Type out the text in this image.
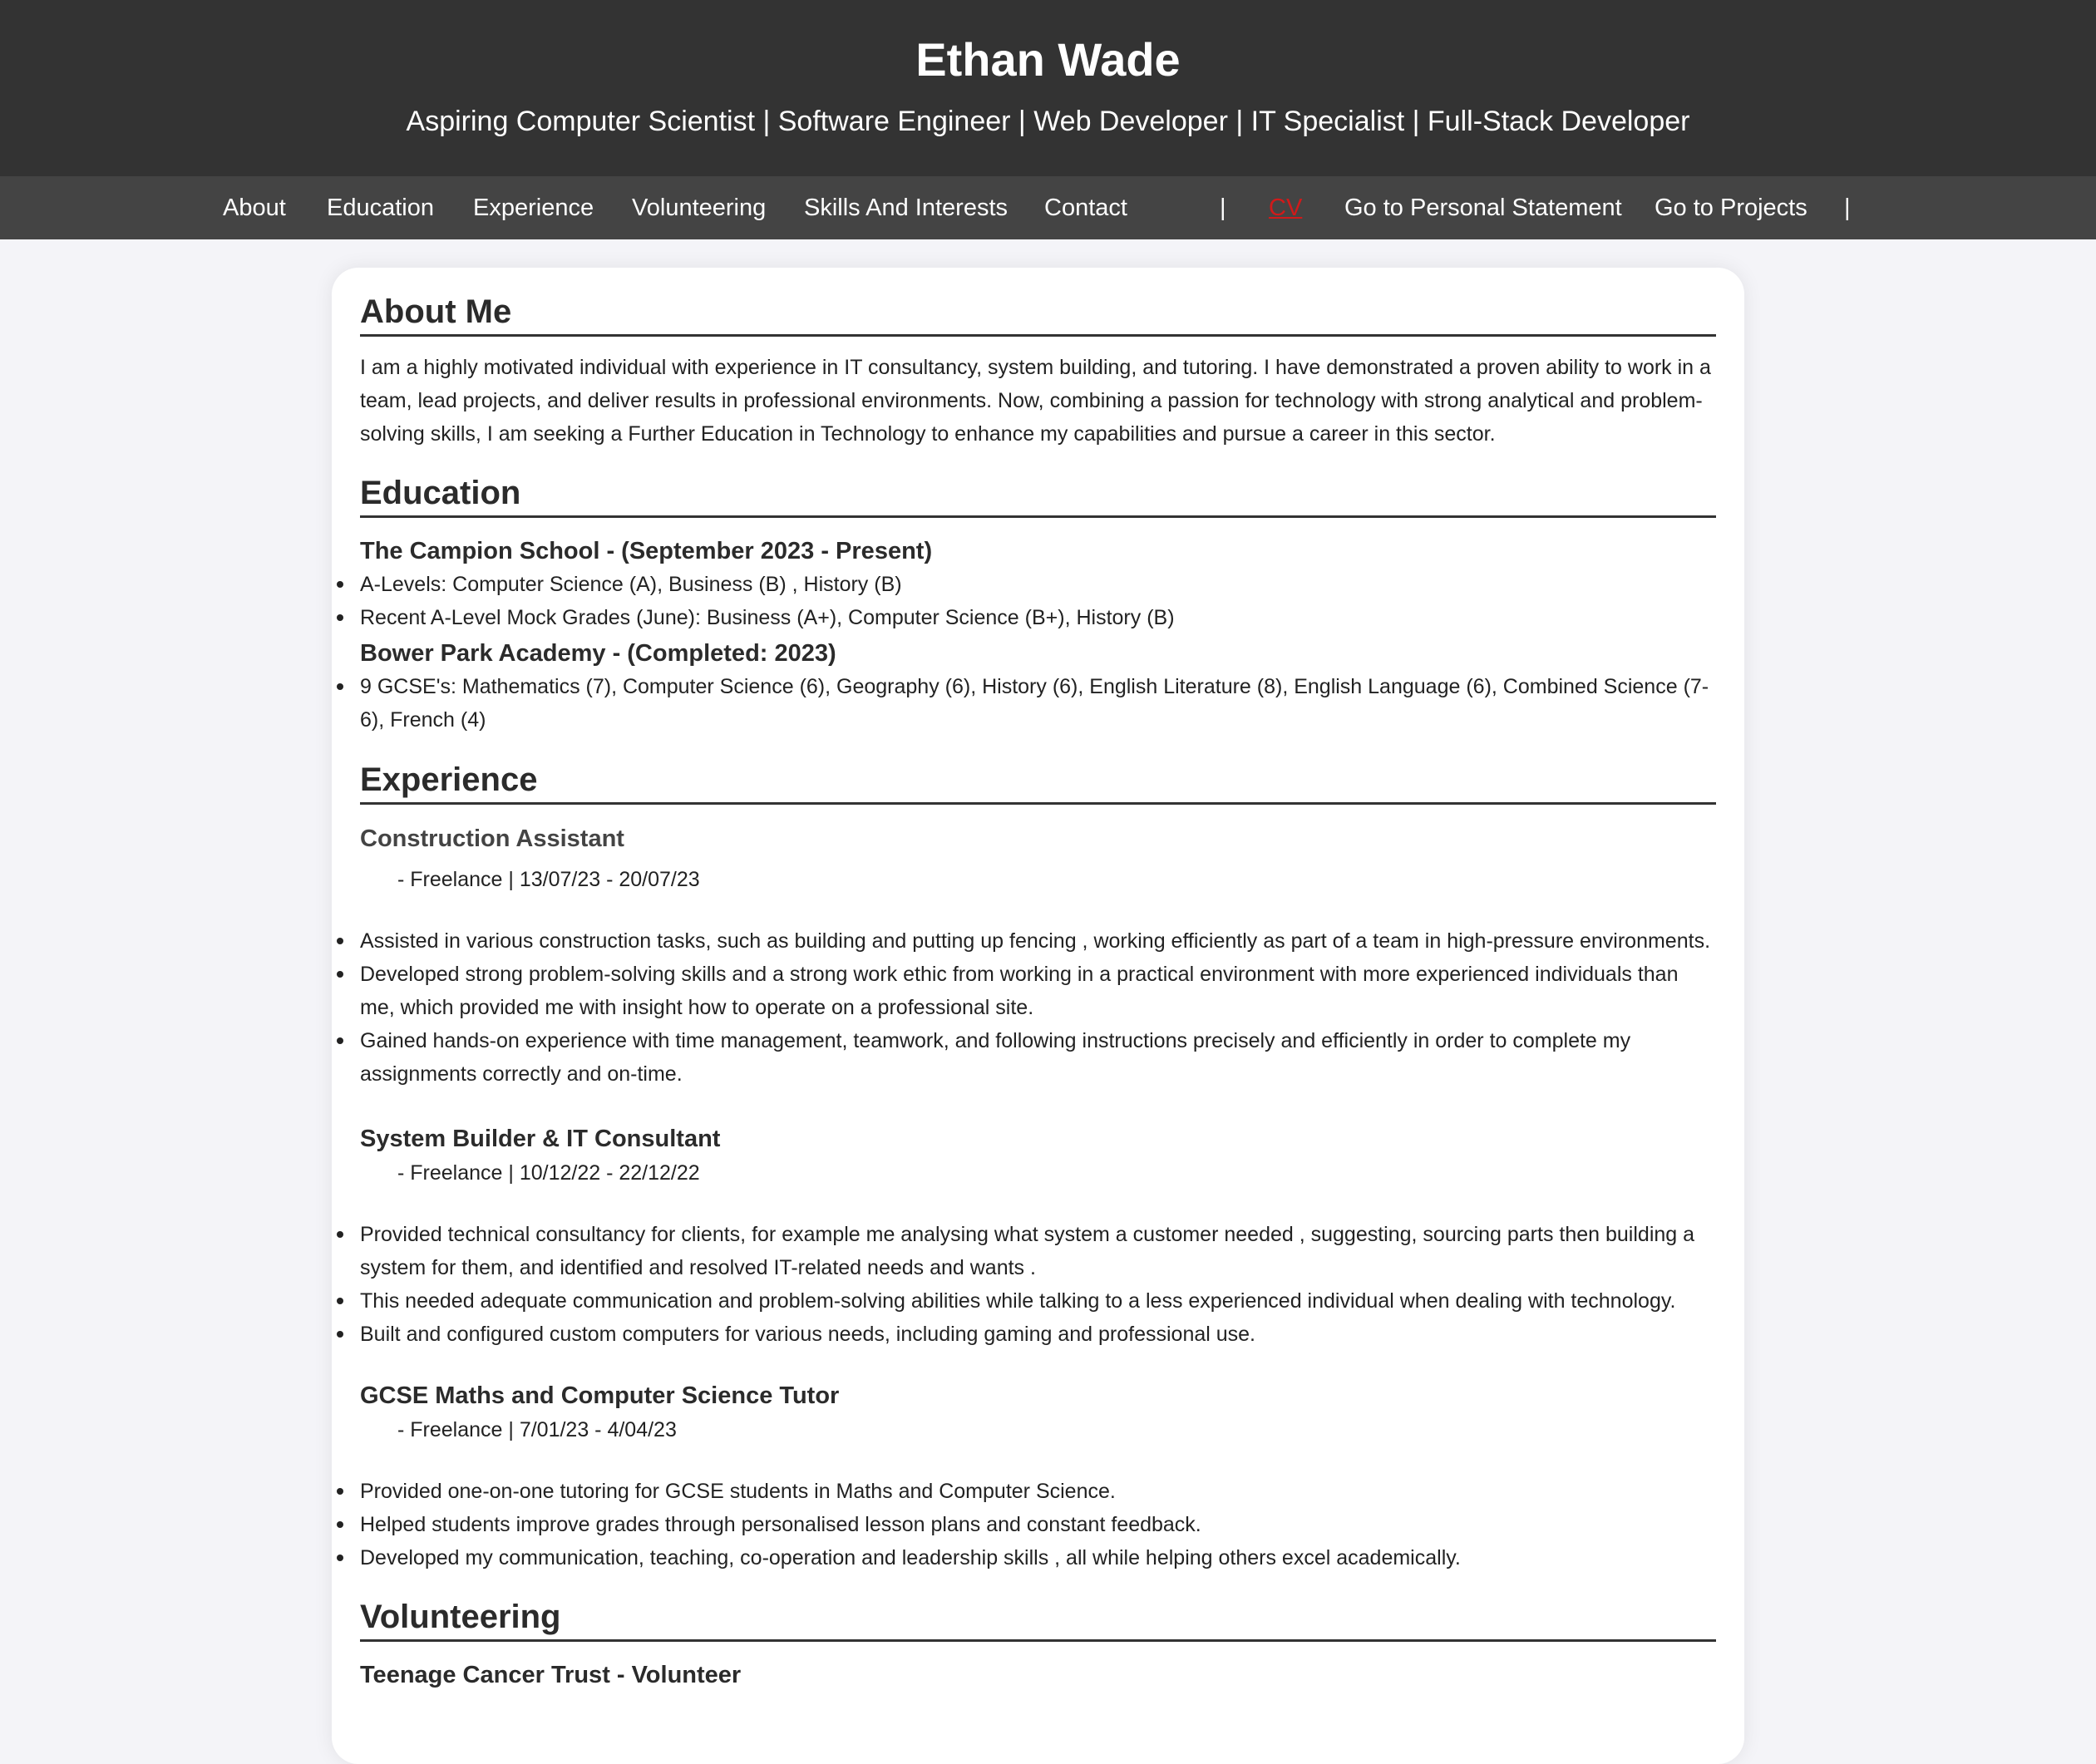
Ethan Wade
Aspiring Computer Scientist | Software Engineer | Web Developer | IT Specialist | Full-Stack Developer
About Education Experience Volunteering Skills And Interests Contact	| CV Go to Personal Statement Go to Projects |
About Me

I am a highly motivated individual with experience in IT consultancy, system building, and tutoring. I have demonstrated a proven ability to work in a team, lead projects, and deliver results in professional environments. Now, combining a passion for technology with strong analytical and problem-solving skills, I am seeking a Further Education in Technology to enhance my capabilities and pursue a career in this sector.

Education
The Campion School - (September 2023 - Present)
A-Levels: Computer Science (A), Business (B) , History (B)
Recent A-Level Mock Grades (June): Business (A+), Computer Science (B+), History (B)
Bower Park Academy - (Completed: 2023)
9 GCSE's: Mathematics (7), Computer Science (6), Geography (6), History (6), English Literature (8), English Language (6), Combined Science (7-6), French (4)
Experience
Construction Assistant

- Freelance | 13/07/23 - 20/07/23

Assisted in various construction tasks, such as building and putting up fencing , working efficiently as part of a team in high-pressure environments.
Developed strong problem-solving skills and a strong work ethic from working in a practical environment with more experienced individuals than me, which provided me with insight how to operate on a professional site.
Gained hands-on experience with time management, teamwork, and following instructions precisely and efficiently in order to complete my assignments correctly and on-time.
System Builder & IT Consultant

- Freelance | 10/12/22 - 22/12/22

Provided technical consultancy for clients, for example me analysing what system a customer needed , suggesting, sourcing parts then building a system for them, and identified and resolved IT-related needs and wants .
This needed adequate communication and problem-solving abilities while talking to a less experienced individual when dealing with technology.
Built and configured custom computers for various needs, including gaming and professional use.
GCSE Maths and Computer Science Tutor

- Freelance | 7/01/23 - 4/04/23

Provided one-on-one tutoring for GCSE students in Maths and Computer Science.
Helped students improve grades through personalised lesson plans and constant feedback.
Developed my communication, teaching, co-operation and leadership skills , all while helping others excel academically.
Volunteering
Teenage Cancer Trust - Volunteer
